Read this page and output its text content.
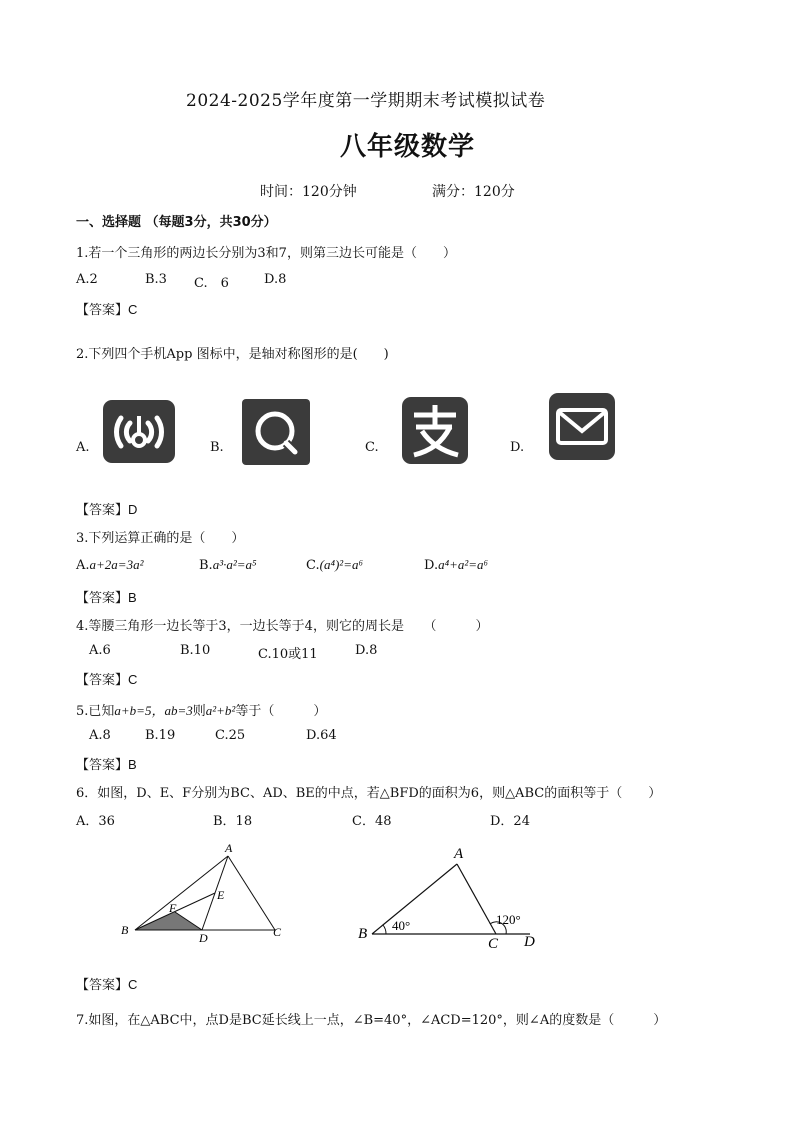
2024-2025学年度第一学期期末考试模拟试卷
八年级数学
时间：120分钟	满分：120分
一、选择题 （每题3分，共30分）
1.若一个三角形的两边长分别为3和7，则第三边长可能是（　　）
A.2	B.3 C.　6	D.8
【答案】C
2.下列四个手机App 图标中，是轴对称图形的是(　　)
A.	B.	C.	D.
【答案】D
3.下列运算正确的是（　　）
A.a+2a=3a²	B.a³·a²=a⁵	C.(a⁴)²=a⁶	D.a⁴+a²=a⁶
【答案】B
4.等腰三角形一边长等于3，一边长等于4，则它的周长是　　（　　　）
A.6	B.10	C.10或11	D.8
【答案】C
5.已知a+b=5，ab=3则a²+b²等于（　　　）
A.8	B.19	C.25	D.64
【答案】B
6．如图，D、E、F分别为BC、AD、BE的中点，若△BFD的面积为6，则△ABC的面积等于（　　）
A．36	B．18	C．48	D．24
A
B	C
D
E
F
A
B
C D
40°	120°
【答案】C
7.如图，在△ABC中，点D是BC延长线上一点，∠B=40°，∠ACD=120°，则∠A的度数是（　　　）
